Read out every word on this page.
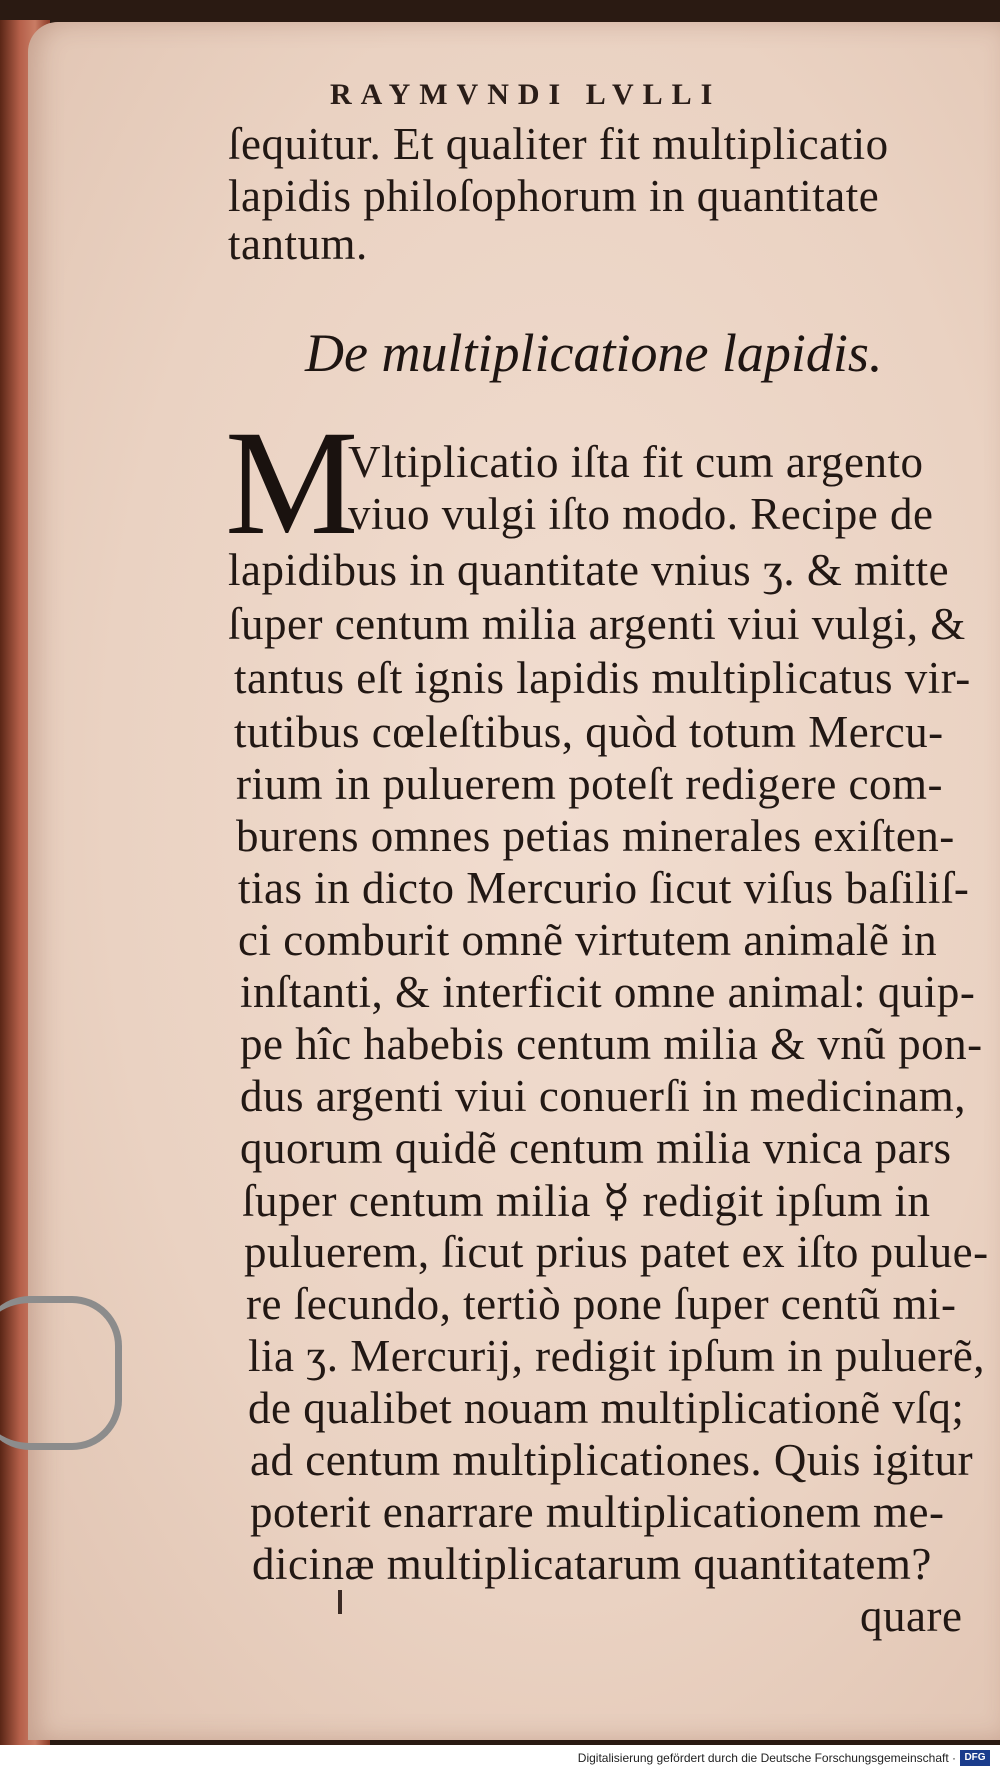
RAYMVNDI LVLLI
ſequitur. Et qualiter fit multiplicatio
lapidis philoſophorum in quantitate
tantum.
De multiplicatione lapidis.
M
Vltiplicatio iſta fit cum argento
viuo vulgi iſto modo. Recipe de
lapidibus in quantitate vnius ʒ. & mitte
ſuper centum milia argenti viui vulgi, &
tantus eſt ignis lapidis multiplicatus vir-
tutibus cœleſtibus, quòd totum Mercu-
rium in puluerem poteſt redigere com-
burens omnes petias minerales exiſten-
tias in dicto Mercurio ſicut viſus baſiliſ-
ci comburit omnẽ virtutem animalẽ in
inſtanti, & interficit omne animal: quip-
pe hîc habebis centum milia & vnũ pon-
dus argenti viui conuerſi in medicinam,
quorum quidẽ centum milia vnica pars
ſuper centum milia ☿ redigit ipſum in
puluerem, ſicut prius patet ex iſto pulue-
re ſecundo, tertiò pone ſuper centũ mi-
lia ʒ. Mercurij, redigit ipſum in puluerẽ,
de qualibet nouam multiplicationẽ vſq;
ad centum multiplicationes. Quis igitur
poterit enarrare multiplicationem me-
dicinæ multiplicatarum quantitatem?
quare
Digitalisierung gefördert durch die Deutsche Forschungsgemeinschaft · DFG
